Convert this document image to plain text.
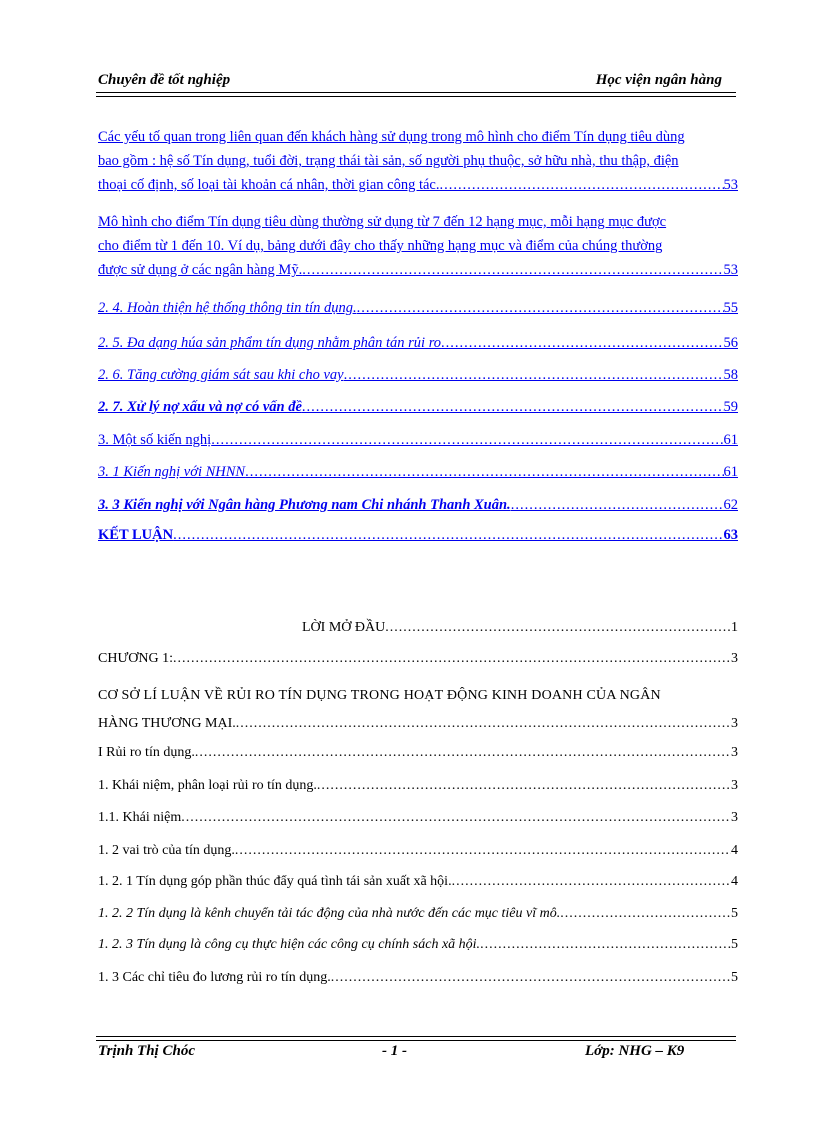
Chuyên đề tốt nghiệp	Học viện ngân hàng
Các yếu tố quan trong liên quan đến khách hàng sử dụng trong mô hình cho điểm Tín dụng tiêu dùng
bao gồm : hệ số Tín dụng, tuổi đời, trạng thái tài sản, số người phụ thuộc, sở hữu nhà, thu thập, điện
thoại cố định, số loại tài khoản cá nhân, thời gian công tác. .....	53
Mô hình cho điểm Tín dụng tiêu dùng thường sử dụng từ 7 đến 12 hạng mục, mỗi hạng mục được
cho điểm từ 1 đến 10. Ví dụ, bảng dưới đây cho thấy những hạng mục và điểm của chúng thường
được sử dụng ở các ngân hàng Mỹ. .....	53
2. 4. Hoàn thiện hệ thống thông tin tín dụng. .....	55
2. 5. Đa dạng húa sản phẩm tín dụng nhằm phân tán rủi ro .....	56
2. 6. Tăng cường giám sát sau khi cho vay .....	58
2. 7. Xử lý nợ xấu và nợ có vấn đề .....	59
3. Một số kiến nghị .....	61
3. 1 Kiến nghị với NHNN .....	61
3. 3 Kiến nghị với Ngân hàng Phương nam Chi nhánh Thanh Xuân. .....	62
KẾT LUẬN .....	63
LỜI MỞ ĐẦU .....	1
CHƯƠNG 1: .....	3
CƠ SỞ LÍ LUẬN VỀ RỦI RO TÍN DỤNG TRONG HOẠT ĐỘNG KINH DOANH CỦA NGÂN
HÀNG THƯƠNG MẠI. .....	3
I Rủi ro tín dụng. .....	3
1. Khái niệm, phân loại rủi ro tín dụng. .....	3
1.1. Khái niệm .....	3
1. 2 vai trò của tín dụng. .....	4
1. 2. 1 Tín dụng góp phần thúc đẩy quá tình tái sản xuất xã hội. .....	4
1. 2. 2 Tín dụng là kênh chuyển tải tác động của nhà nước đến các mục tiêu vĩ mô. .....	5
1. 2. 3 Tín dụng là công cụ thực hiện các công cụ chính sách xã hội. .....	5
1. 3 Các chỉ tiêu đo lương rủi ro tín dụng. .....	5
Trịnh Thị Chóc	- 1 -	Lớp: NHG – K9
